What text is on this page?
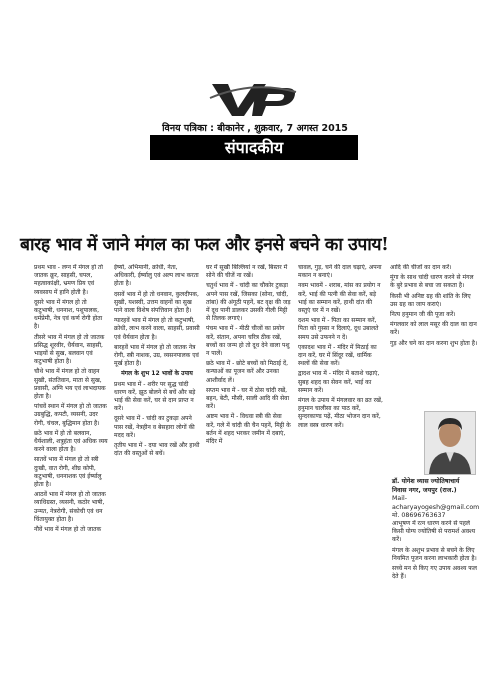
विनय पत्रिका : बीकानेर , शुक्रवार, 7 अगस्त 2015
संपादकीय
बारह भाव में जाने मंगल का फल और इनसे बचने का उपाय!

प्रथम भाव - लग्न में मंगल हो तो जातक क्रूर, साहसी, चपल, महत्वाकांक्षी, भ्रमण प्रिय एवं व्यवसाय में हानि होती है।

दूसरे भाव में मंगल हो तो कटुभाषी, धननाश, पशुपालक, धर्मप्रेमी, नेत्र एवं कर्ण रोगी होता है।

तीसरे भाव में मंगल हो तो जातक प्रसिद्ध शूरवीर, धैर्यवान, साहसी, भाइयों से सुख, बलवान एवं कटुभाषी होता है।

चौथे भाव में मंगल हो तो वाहन सुखी, संततिवान, माता से सुख, प्रवासी, अग्नि भय एवं लाभदायक होता है।

पांचवें स्थान में मंगल हो तो जातक उग्रबुद्धि, कपटी, व्यसनी, उदर रोगी, चंचल, बुद्धिमान होता है।

छठे भाव में हो तो बलवान, धैर्यशाली, शत्रुहंता एवं अधिक व्यय करने वाला होता है।

सातवें भाव में मंगल हो तो स्त्री दुःखी, वात रोगी, शीघ्र कोपी, कटुभाषी, धननाशक एवं ईर्ष्यालु होता है।

आठवें भाव में मंगल हो तो जातक व्याधिग्रस्त, व्यसनी, कठोर भाषी, उन्मत, नेत्ररोगी, संकोची एवं धन चिंतायुक्त होता है।

नौवें भाव में मंगल हो तो जातक

ईर्ष्या, अभिमानी, क्रोधी, नेता, अधिकारी, ईर्ष्यालु एवं अल्प लाभ करता होता है।

दसवें भाव में हो तो धनवान, कुलदीपक, सुखी, यशस्वी, उत्तम वाहनों का सुख पाने वाला विशेष संपत्तिवान होता है।

ग्यारहवें भाव में मंगल हो तो कटुभाषी, क्रोधी, लाभ करने वाला, साहसी, प्रवासी एवं धैर्यवान होता है।

बारहवें भाव में मंगल हो तो जातक नेत्र रोगी, स्त्री नाशक, उग्र, व्यसनपालक एवं मूर्ख होता है।

मंगल के शुभ 12 भावों के उपाय

प्रथम भाव में - शरीर पर सुद्ध चांदी धारण करें, झूठ बोलने से बचें और बड़े भाई की सेवा करें, घर से दान प्राप्त न करें।

दूसरे भाव में - चांदी का टुकड़ा अपने पास रखें, नेत्रहीन व बेसहारा लोगों की मदद करें।

तृतीय भाव में - दया भाव रखें और हाथी दांत की वस्तुओं से बचें।

घर में सूखी बिल्लियां न रखें, बिस्तर में सोने की चीजें ना रखें।

चतुर्थ भाव में - चांदी का चौकोर टुकड़ा अपने पास रखें, जिसका (सोना, चांदी, तांबा) की अंगूठी पहनें, बट वृक्ष की जड़ में दूध पानी डालकर उसकी गीली मिट्टी से तिलक लगाएं।

पंचम भाव में - मीठी चीजों का प्रयोग करें, संतान, अपना चरित्र ठीक रखें, बच्चों का जन्म हो तो दूध देने वाला पशु न पालें।

छठे भाव में - छोटे बच्चों को मिठाई दें, कन्याओं का पूजन करें और उनका आशीर्वाद लें।

सप्तम भाव में - घर में ठोस चांदी रखें, बहन, बेटी, मौसी, साली आदि की सेवा करें।

अष्टम भाव में - विधवा स्त्री की सेवा करें, गले में चांदी की चैन पहनें, मिट्टी के बर्तन में शहद भरकर जमीन में दबाएं, मंदिर में

चावल, गुड़, चने की दाल चढ़ाएं, अपना मकान न बनाएं।

नवम भावमें - शराब, मांस का प्रयोग न करें, भाई की पत्नी की सेवा करें, बड़े भाई का सम्मान करें, हाथी दांत की वस्तुएं घर में न रखें।

दशम भाव में - पिता का सम्मान करें, पिता को गुस्सा न दिलाएं, दूध उबालते समय उसे उफनने न दें।

एकादश भाव में - मंदिर में मिठाई का दान करें, घर में सिंदूर रखें, धार्मिक स्थलों की सेवा करें।

द्वादश भाव में - मंदिर में बताशे चढ़ाएं, सुबह शहद का सेवन करें, भाई का सम्मान करें।

मंगल के उपाय में मंगलवार का व्रत रखें, हनुमान चालीसा का पाठ करें, सुन्दरकाण्ड पढ़ें, मीठा भोजन दान करें, लाल वस्त्र धारण करें।

आदि की चीजों का दान करें।

मूंगा के साथ चांदी धारण करने से मंगल के बुरे प्रभाव से बचा जा सकता है।

किसी भी अनिष्ट ग्रह की शांति के लिए उस ग्रह का जाप कराएं।

नित्य हनुमान जी की पूजा करें।

मंगलवार को लाल मसूर की दाल का दान करें।

गुड़ और चने का दान करना शुभ होता है।

डॉ. योगेश व्यास ज्योतिषाचार्य
निवास नगर, जयपुर (राज.)
Mail- acharyayogesh@gmail.com
मो. 08696763637

आभूषण में रत्न धारण करने से पहले किसी योग्य ज्योतिषी से परामर्श अवश्य करें।

मंगल के अशुभ प्रभाव से बचने के लिए नियमित पूजन करना लाभकारी होता है।

सच्चे मन से किए गए उपाय अवश्य फल देते हैं।
